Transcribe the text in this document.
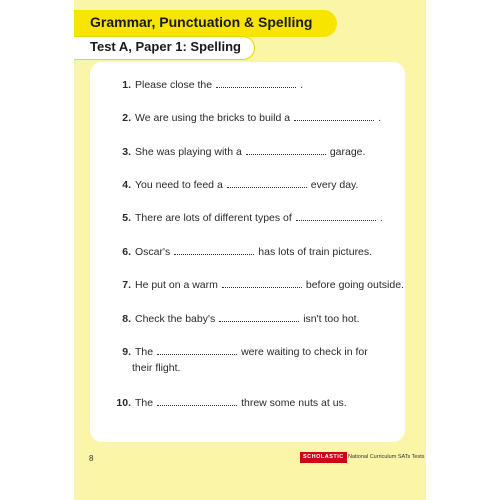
Grammar, Punctuation & Spelling
Test A, Paper 1: Spelling
1. Please close the	.
2. We are using the bricks to build a	.
3. She was playing with a	garage.
4. You need to feed a	every day.
5. There are lots of different types of	.
6. Oscar's	has lots of train pictures.
7. He put on a warm	before going outside.
8. Check the baby's	isn't too hot.
9. The	were waiting to check in for
their flight.
10. The	threw some nuts at us.
8	SCHOLASTIC National Curriculum SATs Tests
